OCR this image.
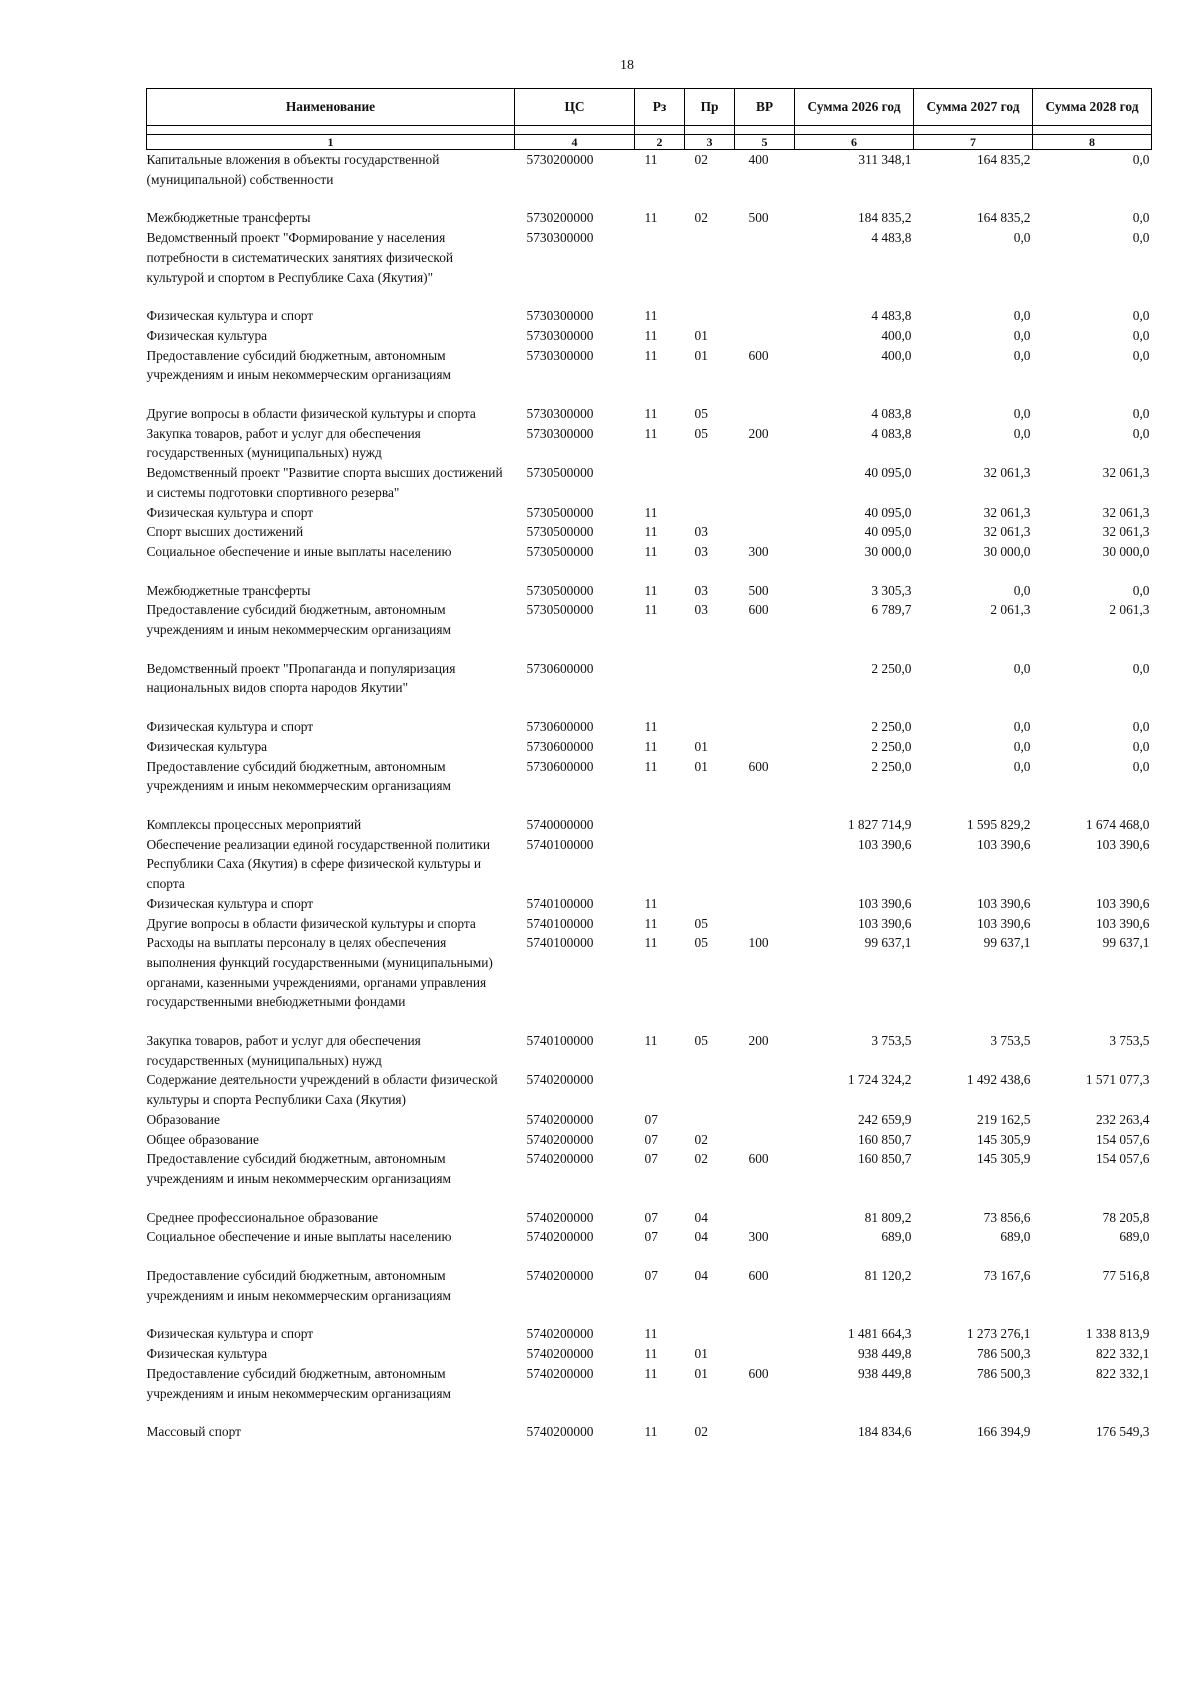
18
Наименование	ЦС	Рз	Пр	ВР	Сумма 2026 год	Сумма 2027 год	Сумма 2028 год

1	4	2	3	5	6	7	8
Капитальные вложения в объекты государственной (муниципальной) собственности	5730200000	11	02	400	311 348,1	164 835,2	0,0
Межбюджетные трансферты	5730200000	11	02	500	184 835,2	164 835,2	0,0
Ведомственный проект "Формирование у населения потребности в систематических занятиях физической культурой и спортом в Республике Саха (Якутия)"	5730300000				4 483,8	0,0	0,0
Физическая культура и спорт	5730300000	11			4 483,8	0,0	0,0
Физическая культура	5730300000	11	01		400,0	0,0	0,0
Предоставление субсидий бюджетным, автономным учреждениям и иным некоммерческим организациям	5730300000	11	01	600	400,0	0,0	0,0
Другие вопросы в области физической культуры и спорта	5730300000	11	05		4 083,8	0,0	0,0
Закупка товаров, работ и услуг для обеспечения государственных (муниципальных) нужд	5730300000	11	05	200	4 083,8	0,0	0,0
Ведомственный проект "Развитие спорта высших достижений и системы подготовки спортивного резерва"	5730500000				40 095,0	32 061,3	32 061,3
Физическая культура и спорт	5730500000	11			40 095,0	32 061,3	32 061,3
Спорт высших достижений	5730500000	11	03		40 095,0	32 061,3	32 061,3
Социальное обеспечение и иные выплаты населению	5730500000	11	03	300	30 000,0	30 000,0	30 000,0
Межбюджетные трансферты	5730500000	11	03	500	3 305,3	0,0	0,0
Предоставление субсидий бюджетным, автономным учреждениям и иным некоммерческим организациям	5730500000	11	03	600	6 789,7	2 061,3	2 061,3
Ведомственный проект "Пропаганда и популяризация национальных видов спорта народов Якутии"	5730600000				2 250,0	0,0	0,0
Физическая культура и спорт	5730600000	11			2 250,0	0,0	0,0
Физическая культура	5730600000	11	01		2 250,0	0,0	0,0
Предоставление субсидий бюджетным, автономным учреждениям и иным некоммерческим организациям	5730600000	11	01	600	2 250,0	0,0	0,0
Комплексы процессных мероприятий	5740000000				1 827 714,9	1 595 829,2	1 674 468,0
Обеспечение реализации единой государственной политики Республики Саха (Якутия) в сфере физической культуры и спорта	5740100000				103 390,6	103 390,6	103 390,6
Физическая культура и спорт	5740100000	11			103 390,6	103 390,6	103 390,6
Другие вопросы в области физической культуры и спорта	5740100000	11	05		103 390,6	103 390,6	103 390,6
Расходы на выплаты персоналу в целях обеспечения выполнения функций государственными (муниципальными) органами, казенными учреждениями, органами управления государственными внебюджетными фондами	5740100000	11	05	100	99 637,1	99 637,1	99 637,1
Закупка товаров, работ и услуг для обеспечения государственных (муниципальных) нужд	5740100000	11	05	200	3 753,5	3 753,5	3 753,5
Содержание деятельности учреждений в области физической культуры и спорта Республики Саха (Якутия)	5740200000				1 724 324,2	1 492 438,6	1 571 077,3
Образование	5740200000	07			242 659,9	219 162,5	232 263,4
Общее образование	5740200000	07	02		160 850,7	145 305,9	154 057,6
Предоставление субсидий бюджетным, автономным учреждениям и иным некоммерческим организациям	5740200000	07	02	600	160 850,7	145 305,9	154 057,6
Среднее профессиональное образование	5740200000	07	04		81 809,2	73 856,6	78 205,8
Социальное обеспечение и иные выплаты населению	5740200000	07	04	300	689,0	689,0	689,0
Предоставление субсидий бюджетным, автономным учреждениям и иным некоммерческим организациям	5740200000	07	04	600	81 120,2	73 167,6	77 516,8
Физическая культура и спорт	5740200000	11			1 481 664,3	1 273 276,1	1 338 813,9
Физическая культура	5740200000	11	01		938 449,8	786 500,3	822 332,1
Предоставление субсидий бюджетным, автономным учреждениям и иным некоммерческим организациям	5740200000	11	01	600	938 449,8	786 500,3	822 332,1
Массовый спорт	5740200000	11	02		184 834,6	166 394,9	176 549,3
